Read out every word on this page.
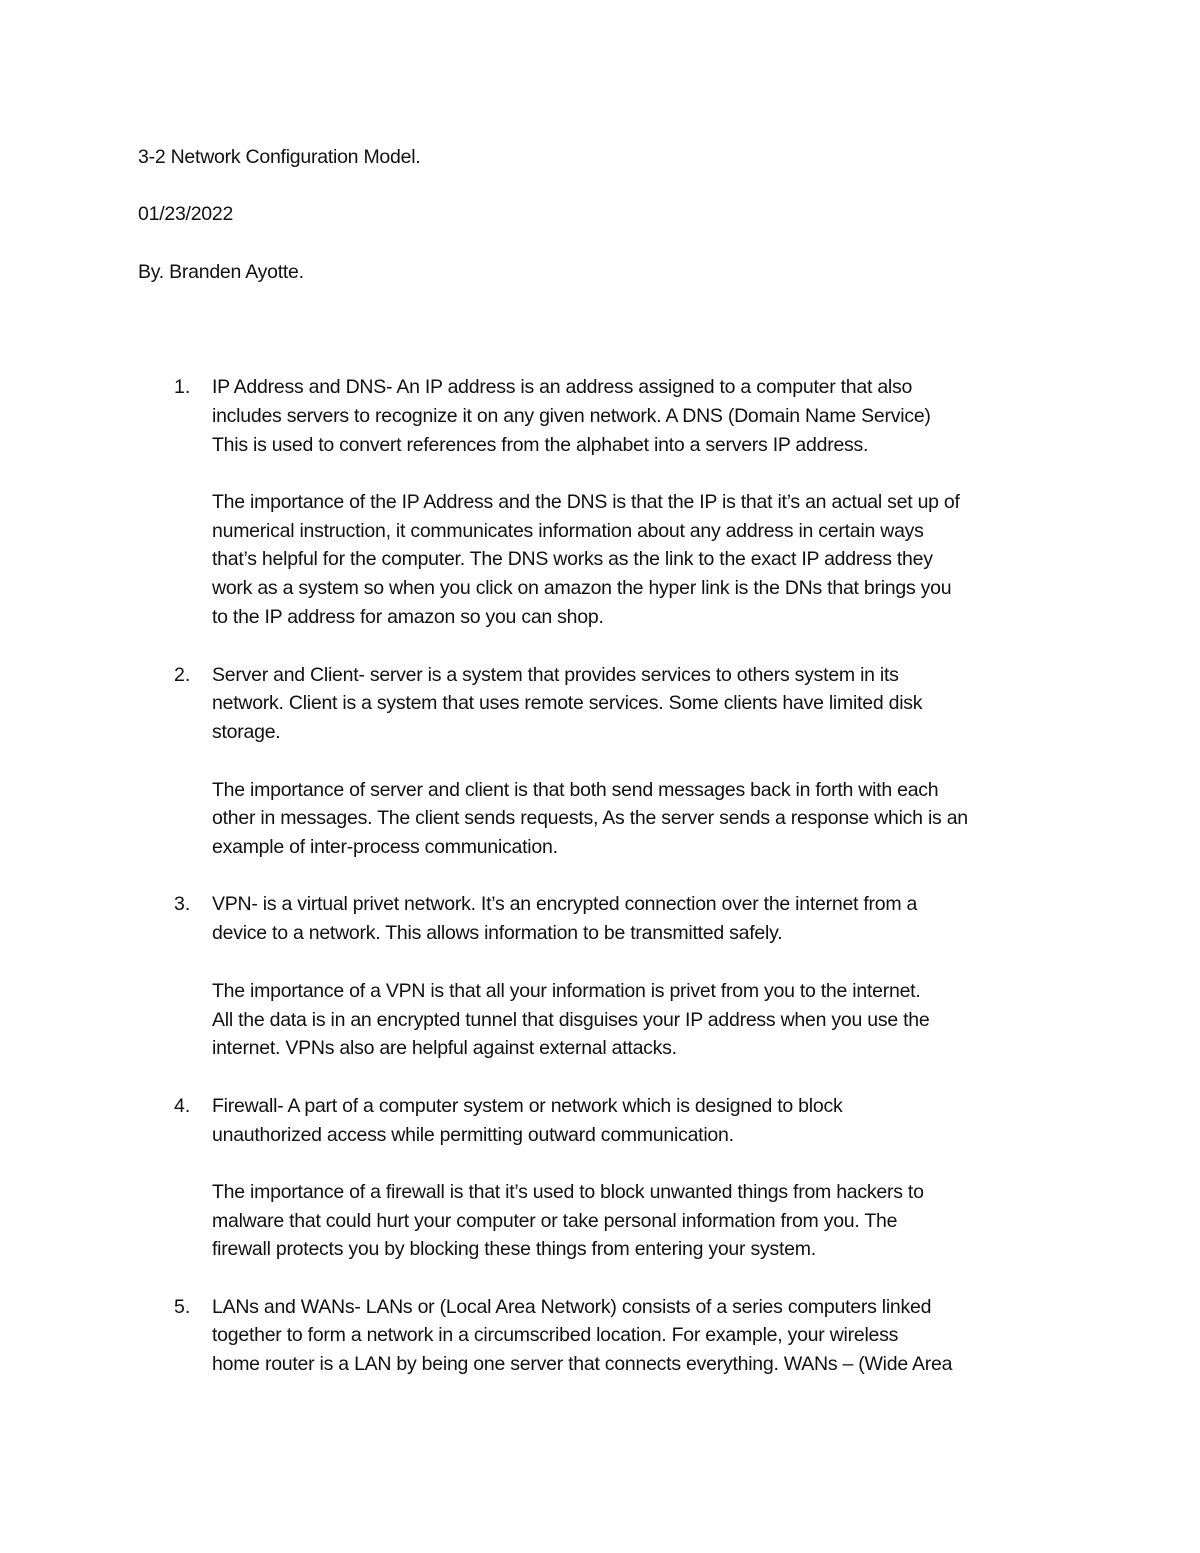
3-2 Network Configuration Model.
01/23/2022
By. Branden Ayotte.
1. IP Address and DNS- An IP address is an address assigned to a computer that also
includes servers to recognize it on any given network. A DNS (Domain Name Service)
This is used to convert references from the alphabet into a servers IP address.
The importance of the IP Address and the DNS is that the IP is that it’s an actual set up of
numerical instruction, it communicates information about any address in certain ways
that’s helpful for the computer. The DNS works as the link to the exact IP address they
work as a system so when you click on amazon the hyper link is the DNs that brings you
to the IP address for amazon so you can shop.
2. Server and Client- server is a system that provides services to others system in its
network. Client is a system that uses remote services. Some clients have limited disk
storage.
The importance of server and client is that both send messages back in forth with each
other in messages. The client sends requests, As the server sends a response which is an
example of inter-process communication.
3. VPN- is a virtual privet network. It’s an encrypted connection over the internet from a
device to a network. This allows information to be transmitted safely.
The importance of a VPN is that all your information is privet from you to the internet.
All the data is in an encrypted tunnel that disguises your IP address when you use the
internet. VPNs also are helpful against external attacks.
4. Firewall- A part of a computer system or network which is designed to block
unauthorized access while permitting outward communication.
The importance of a firewall is that it’s used to block unwanted things from hackers to
malware that could hurt your computer or take personal information from you. The
firewall protects you by blocking these things from entering your system.
5. LANs and WANs- LANs or (Local Area Network) consists of a series computers linked
together to form a network in a circumscribed location. For example, your wireless
home router is a LAN by being one server that connects everything. WANs – (Wide Area
